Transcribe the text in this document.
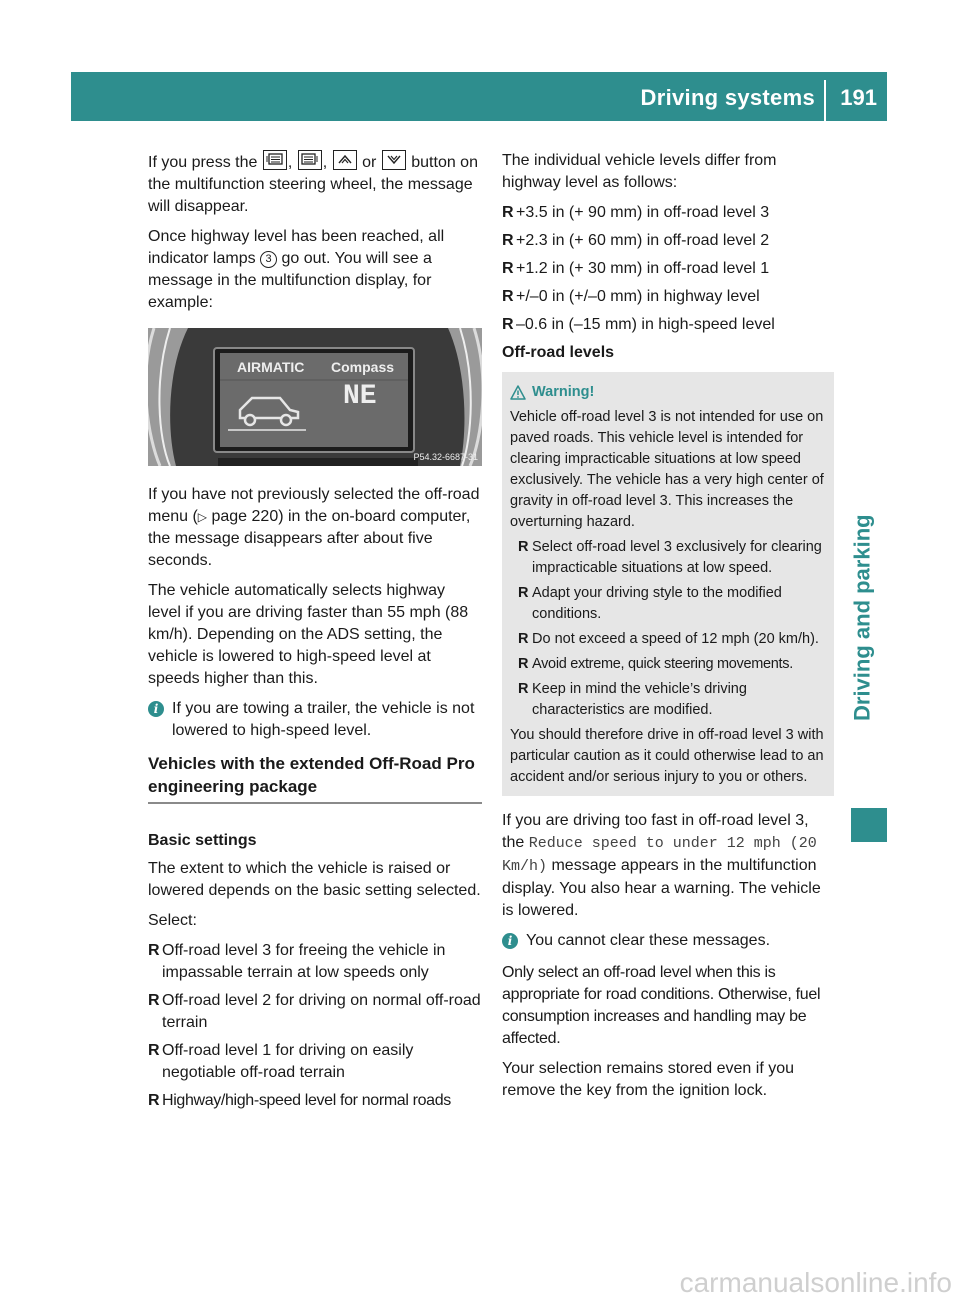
Driving systems 191
Driving and parking

If you press the , , or button on the multifunction steering wheel, the message will disappear.

Once highway level has been reached, all indicator lamps 3 go out. You will see a message in the multifunction display, for example:

AIRMATIC Compass
NE
P54.32-6687-31

If you have not previously selected the off-road menu (▷ page 220) in the on-board computer, the message disappears after about five seconds.

The vehicle automatically selects highway level if you are driving faster than 55 mph (88 km/h). Depending on the ADS setting, the vehicle is lowered to high-speed level at speeds higher than this.

i If you are towing a trailer, the vehicle is not lowered to high-speed level.
Vehicles with the extended Off-Road Pro engineering package
Basic settings

The extent to which the vehicle is raised or lowered depends on the basic setting selected.

Select:

R Off-road level 3 for freeing the vehicle in impassable terrain at low speeds only
R Off-road level 2 for driving on normal off-road terrain
R Off-road level 1 for driving on easily negotiable off-road terrain
R Highway/high-speed level for normal roads

The individual vehicle levels differ from highway level as follows:

R +3.5 in (+ 90 mm) in off-road level 3
R +2.3 in (+ 60 mm) in off-road level 2
R +1.2 in (+ 30 mm) in off-road level 1
R +/–0 in (+/–0 mm) in highway level
R –0.6 in (–15 mm) in high-speed level
Off-road levels
Warning!

Vehicle off-road level 3 is not intended for use on paved roads. This vehicle level is intended for clearing impracticable situations at low speed exclusively. The vehicle has a very high center of gravity in off-road level 3. This increases the overturning hazard.

R Select off-road level 3 exclusively for clearing impracticable situations at low speed.
R Adapt your driving style to the modified conditions.
R Do not exceed a speed of 12 mph (20 km/h).
R Avoid extreme, quick steering movements.
R Keep in mind the vehicle’s driving characteristics are modified.

You should therefore drive in off-road level 3 with particular caution as it could otherwise lead to an accident and/or serious injury to you or others.

If you are driving too fast in off-road level 3, the Reduce speed to under 12 mph (20 Km/h) message appears in the multifunction display. You also hear a warning. The vehicle is lowered.

i You cannot clear these messages.

Only select an off-road level when this is appropriate for road conditions. Otherwise, fuel consumption increases and handling may be affected.

Your selection remains stored even if you remove the key from the ignition lock.

carmanualsonline.info
